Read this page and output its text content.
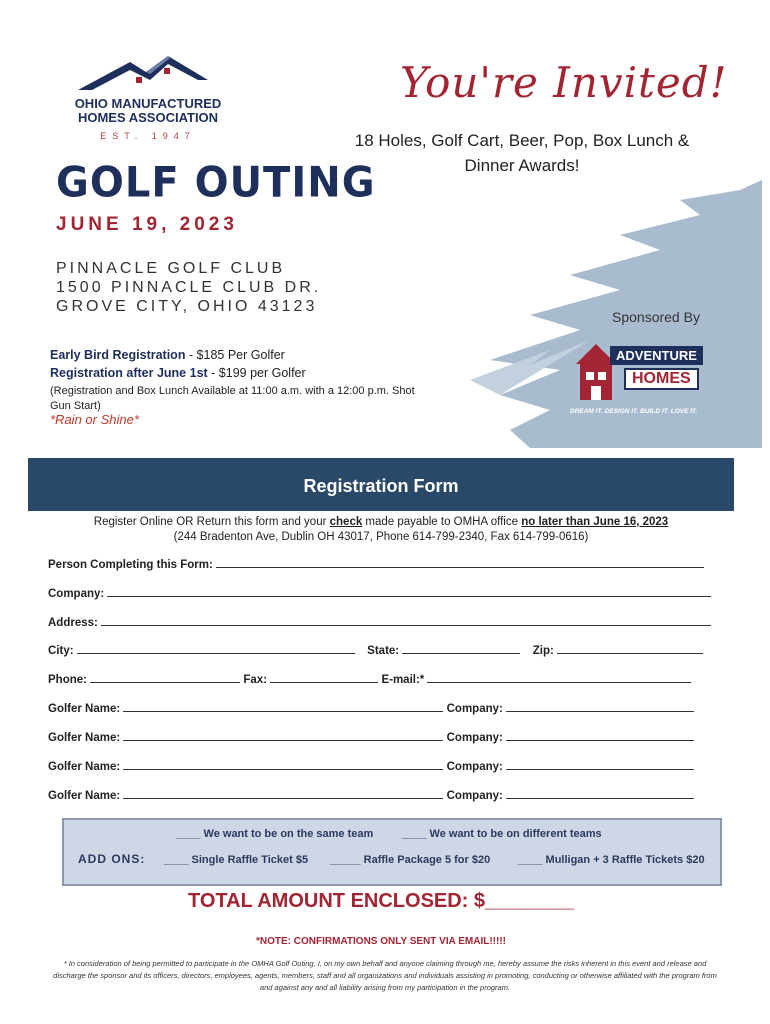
OHIO MANUFACTURED
HOMES ASSOCIATION
EST. 1947
You're Invited!
18 Holes, Golf Cart, Beer, Pop, Box Lunch & Dinner Awards!
GOLF OUTING
JUNE 19, 2023
PINNACLE GOLF CLUB
1500 PINNACLE CLUB DR.
GROVE CITY, OHIO 43123
Sponsored By
ADVENTURE
HOMES
DREAM IT. DESIGN IT. BUILD IT. LOVE IT.
Early Bird Registration - $185 Per Golfer
Registration after June 1st - $199 per Golfer
(Registration and Box Lunch Available at 11:00 a.m. with a 12:00 p.m. Shot Gun Start)
*Rain or Shine*
Registration Form
Register Online OR Return this form and your check made payable to OMHA office no later than June 16, 2023
(244 Bradenton Ave, Dublin OH 43017, Phone 614-799-2340, Fax 614-799-0616)
Person Completing this Form:
Company:
Address:
City:	State:	Zip:
Phone:	Fax:	E-mail:*
Golfer Name:	Company:
Golfer Name:	Company:
Golfer Name:	Company:
Golfer Name:	Company:
____ We want to be on the same team	____ We want to be on different teams
ADD ONS: ____ Single Raffle Ticket $5 _____ Raffle Package 5 for $20	____ Mulligan + 3 Raffle Tickets $20
TOTAL AMOUNT ENCLOSED: $________
*NOTE: CONFIRMATIONS ONLY SENT VIA EMAIL!!!!!
* In consideration of being permitted to participate in the OMHA Golf Outing, I, on my own behalf and anyone claiming through me, hereby assume the risks inherent in this event and release and discharge the sponsor and its officers, directors, employees, agents, members, staff and all organizations and individuals assisting in promoting, conducting or otherwise affiliated with the program from and against any and all liability arising from my participation in the program.
